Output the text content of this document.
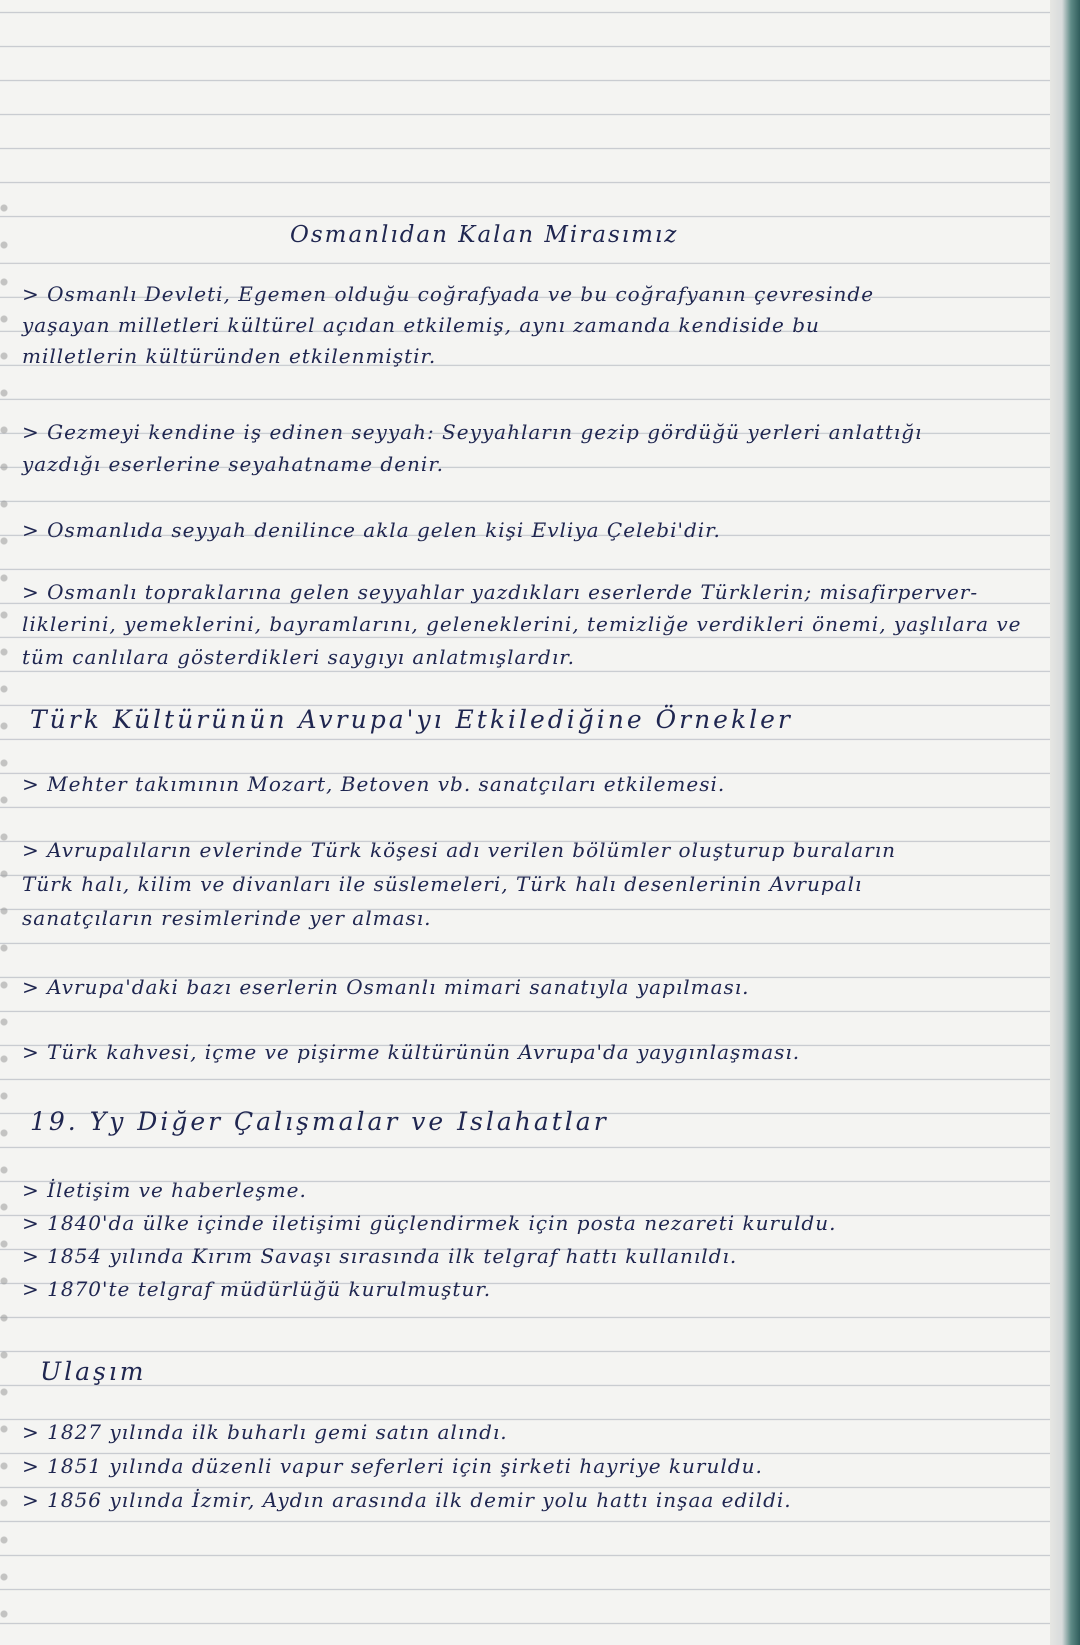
Osmanlıdan Kalan Mirasımız
> Osmanlı Devleti, Egemen olduğu coğrafyada ve bu coğrafyanın çevresinde
yaşayan milletleri kültürel açıdan etkilemiş, aynı zamanda kendiside bu
milletlerin kültüründen etkilenmiştir.
> Gezmeyi kendine iş edinen seyyah: Seyyahların gezip gördüğü yerleri anlattığı
yazdığı eserlerine seyahatname denir.
> Osmanlıda seyyah denilince akla gelen kişi Evliya Çelebi'dir.
> Osmanlı topraklarına gelen seyyahlar yazdıkları eserlerde Türklerin; misafirperver-
liklerini, yemeklerini, bayramlarını, geleneklerini, temizliğe verdikleri önemi, yaşlılara ve
tüm canlılara gösterdikleri saygıyı anlatmışlardır.
Türk Kültürünün Avrupa'yı Etkilediğine Örnekler
> Mehter takımının Mozart, Betoven vb. sanatçıları etkilemesi.
> Avrupalıların evlerinde Türk köşesi adı verilen bölümler oluşturup buraların
Türk halı, kilim ve divanları ile süslemeleri, Türk halı desenlerinin Avrupalı
sanatçıların resimlerinde yer alması.
> Avrupa'daki bazı eserlerin Osmanlı mimari sanatıyla yapılması.
> Türk kahvesi, içme ve pişirme kültürünün Avrupa'da yaygınlaşması.
19. Yy Diğer Çalışmalar ve Islahatlar
> İletişim ve haberleşme.
> 1840'da ülke içinde iletişimi güçlendirmek için posta nezareti kuruldu.
> 1854 yılında Kırım Savaşı sırasında ilk telgraf hattı kullanıldı.
> 1870'te telgraf müdürlüğü kurulmuştur.
Ulaşım
> 1827 yılında ilk buharlı gemi satın alındı.
> 1851 yılında düzenli vapur seferleri için şirketi hayriye kuruldu.
> 1856 yılında İzmir, Aydın arasında ilk demir yolu hattı inşaa edildi.
